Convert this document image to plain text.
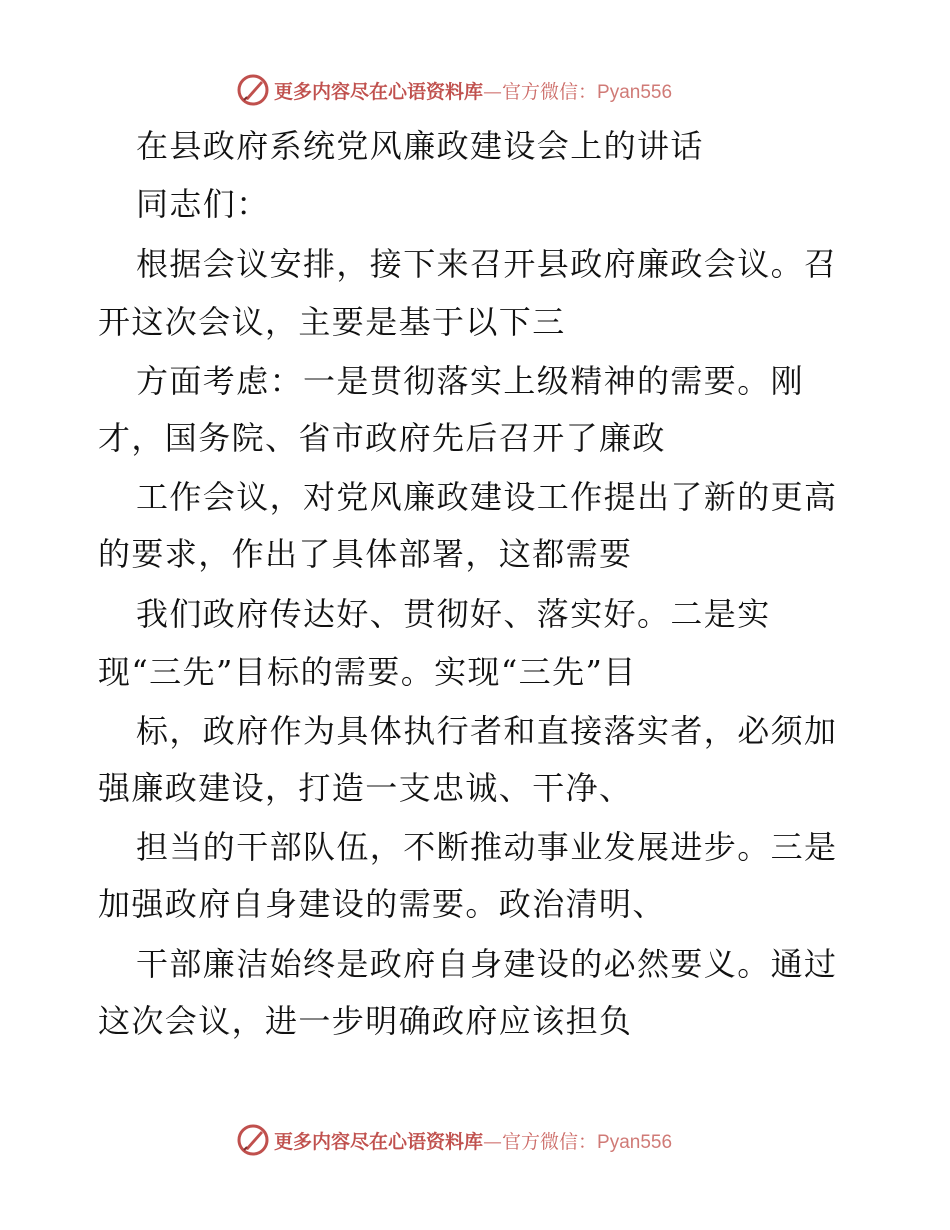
更多内容尽在心语资料库—官方微信：Pyan556
在县政府系统党风廉政建设会上的讲话
同志们：
根据会议安排，接下来召开县政府廉政会议。召
开这次会议，主要是基于以下三
方面考虑：一是贯彻落实上级精神的需要。刚
才，国务院、省市政府先后召开了廉政
工作会议，对党风廉政建设工作提出了新的更高
的要求，作出了具体部署，这都需要
我们政府传达好、贯彻好、落实好。二是实
现“三先”目标的需要。实现“三先”目
标，政府作为具体执行者和直接落实者，必须加
强廉政建设，打造一支忠诚、干净、
担当的干部队伍，不断推动事业发展进步。三是
加强政府自身建设的需要。政治清明、
干部廉洁始终是政府自身建设的必然要义。通过
这次会议，进一步明确政府应该担负
更多内容尽在心语资料库—官方微信：Pyan556
